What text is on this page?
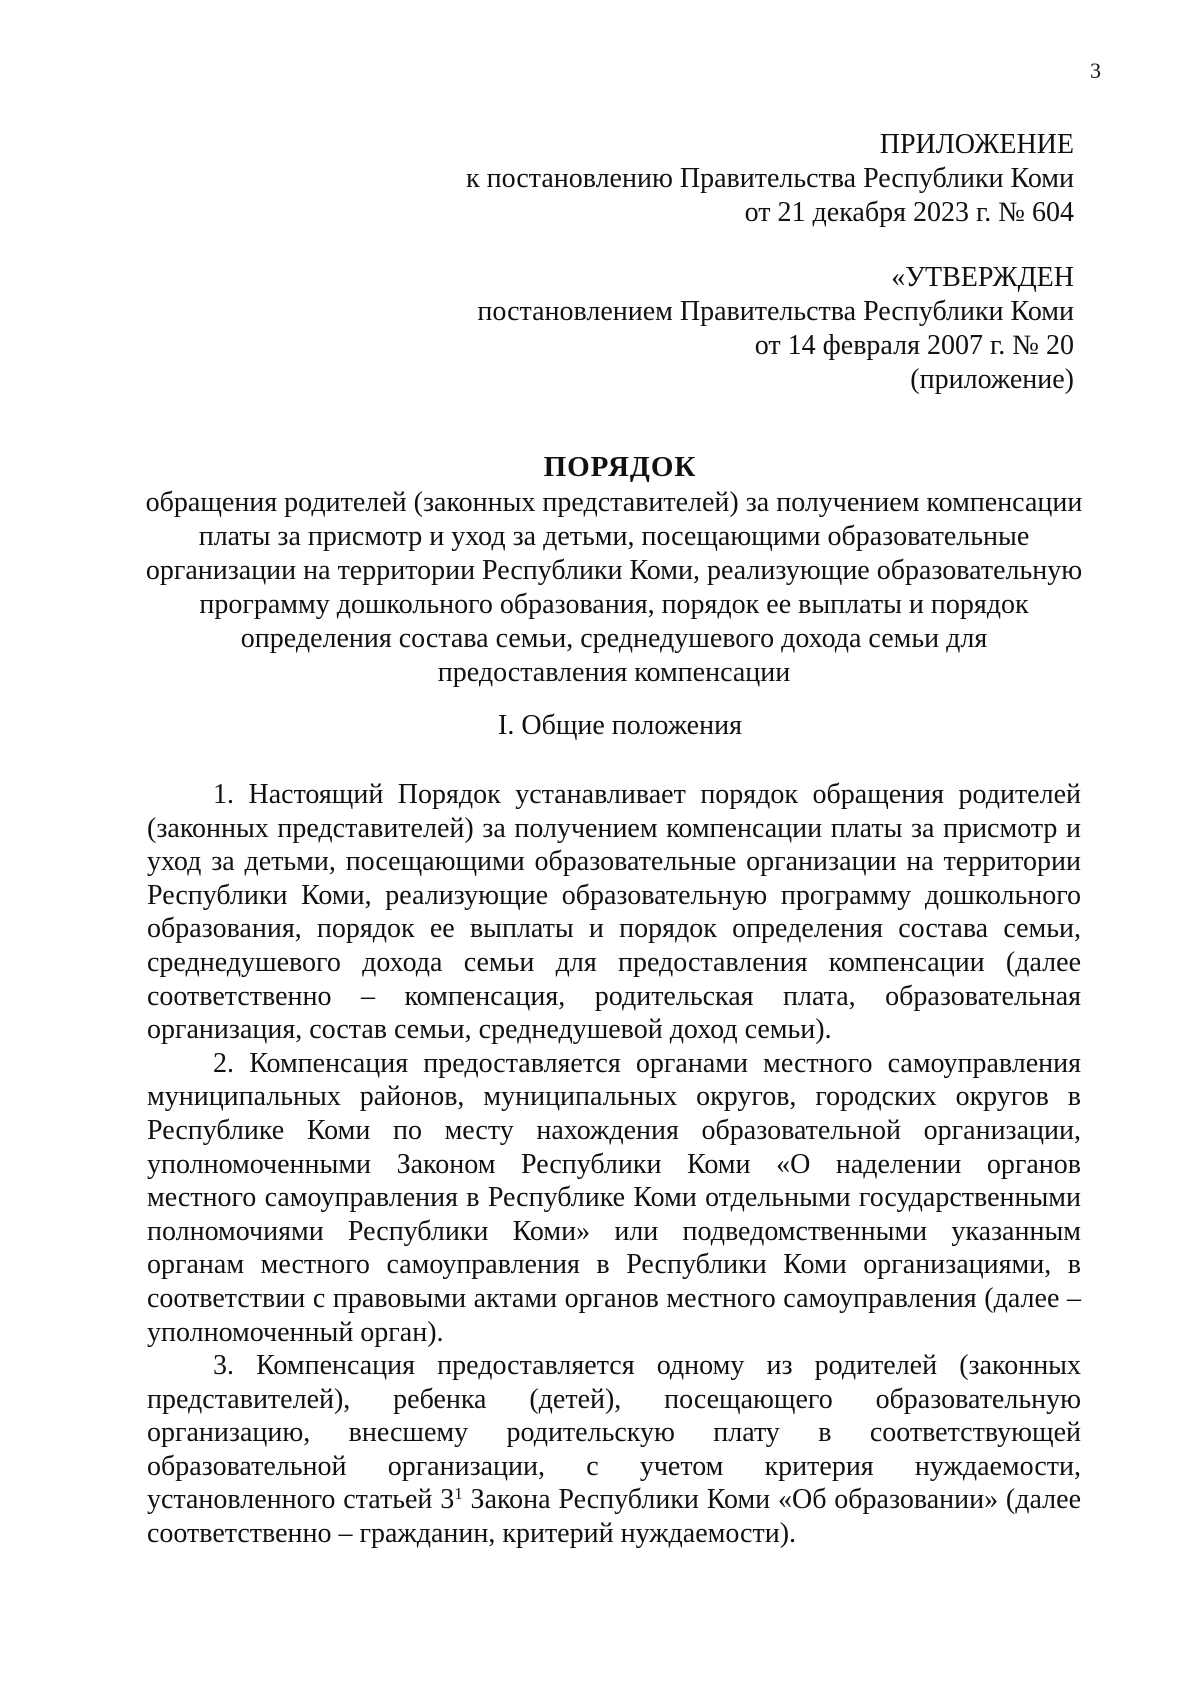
3
ПРИЛОЖЕНИЕ
к постановлению Правительства Республики Коми
от 21 декабря 2023 г. № 604
«УТВЕРЖДЕН
постановлением Правительства Республики Коми
от 14 февраля 2007 г. № 20
(приложение)
ПОРЯДОК
обращения родителей (законных представителей) за получением компенсации платы за присмотр и уход за детьми, посещающими образовательные организации на территории Республики Коми, реализующие образовательную программу дошкольного образования, порядок ее выплаты и порядок определения состава семьи, среднедушевого дохода семьи для предоставления компенсации
I. Общие положения

1. Настоящий Порядок устанавливает порядок обращения родителей (законных представителей) за получением компенсации платы за присмотр и уход за детьми, посещающими образовательные организации на территории Республики Коми, реализующие образовательную программу дошкольного образования, порядок ее выплаты и порядок определения состава семьи, среднедушевого дохода семьи для предоставления компенсации (далее соответственно – компенсация, родительская плата, образовательная организация, состав семьи, среднедушевой доход семьи).

2. Компенсация предоставляется органами местного самоуправления муниципальных районов, муниципальных округов, городских округов в Республике Коми по месту нахождения образовательной организации, уполномоченными Законом Республики Коми «О наделении органов местного самоуправления в Республике Коми отдельными государственными полномочиями Республики Коми» или подведомственными указанным органам местного самоуправления в Республики Коми организациями, в соответствии с правовыми актами органов местного самоуправления (далее – уполномоченный орган).

3. Компенсация предоставляется одному из родителей (законных представителей), ребенка (детей), посещающего образовательную организацию, внесшему родительскую плату в соответствующей образовательной организации, с учетом критерия нуждаемости, установленного статьей $3^1$ Закона Республики Коми «Об образовании» (далее соответственно – гражданин, критерий нуждаемости).
